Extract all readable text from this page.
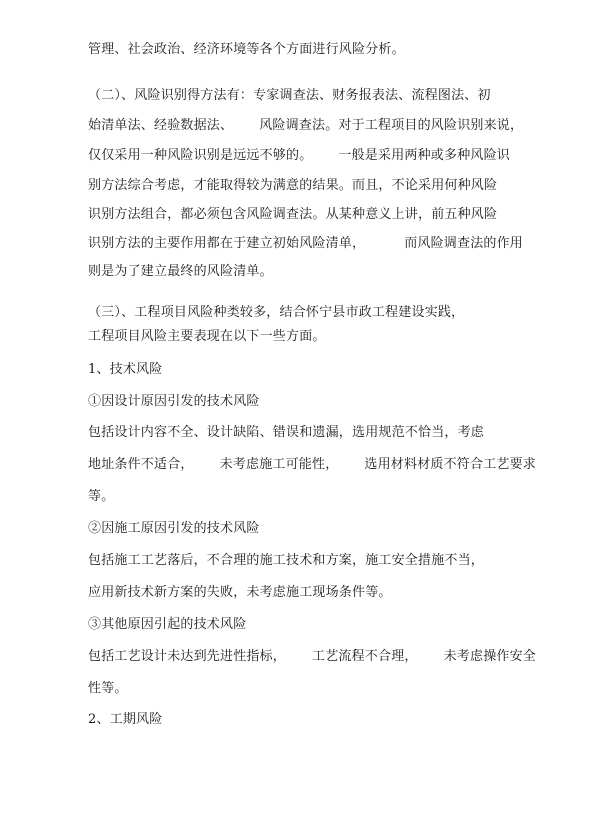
管理、社会政治、经济环境等各个方面进行风险分析。
（二）、风险识别得方法有：专家调查法、财务报表法、流程图法、初
始清单法、经验数据法、      风险调查法。对于工程项目的风险识别来说，
仅仅采用一种风险识别是远远不够的。      一般是采用两种或多种风险识
别方法综合考虑，才能取得较为满意的结果。而且，不论采用何种风险
识别方法组合，都必须包含风险调查法。从某种意义上讲，前五种风险
识别方法的主要作用都在于建立初始风险清单，         而风险调查法的作用
则是为了建立最终的风险清单。
（三）、工程项目风险种类较多，结合怀宁县市政工程建设实践，
工程项目风险主要表现在以下一些方面。
1、技术风险
①因设计原因引发的技术风险
包括设计内容不全、设计缺陷、错误和遗漏，选用规范不恰当，考虑
地址条件不适合，      未考虑施工可能性，      选用材料材质不符合工艺要求
等。
②因施工原因引发的技术风险
包括施工工艺落后，不合理的施工技术和方案，施工安全措施不当，
应用新技术新方案的失败，未考虑施工现场条件等。
③其他原因引起的技术风险
包括工艺设计未达到先进性指标，      工艺流程不合理，      未考虑操作安全
性等。
2、工期风险
